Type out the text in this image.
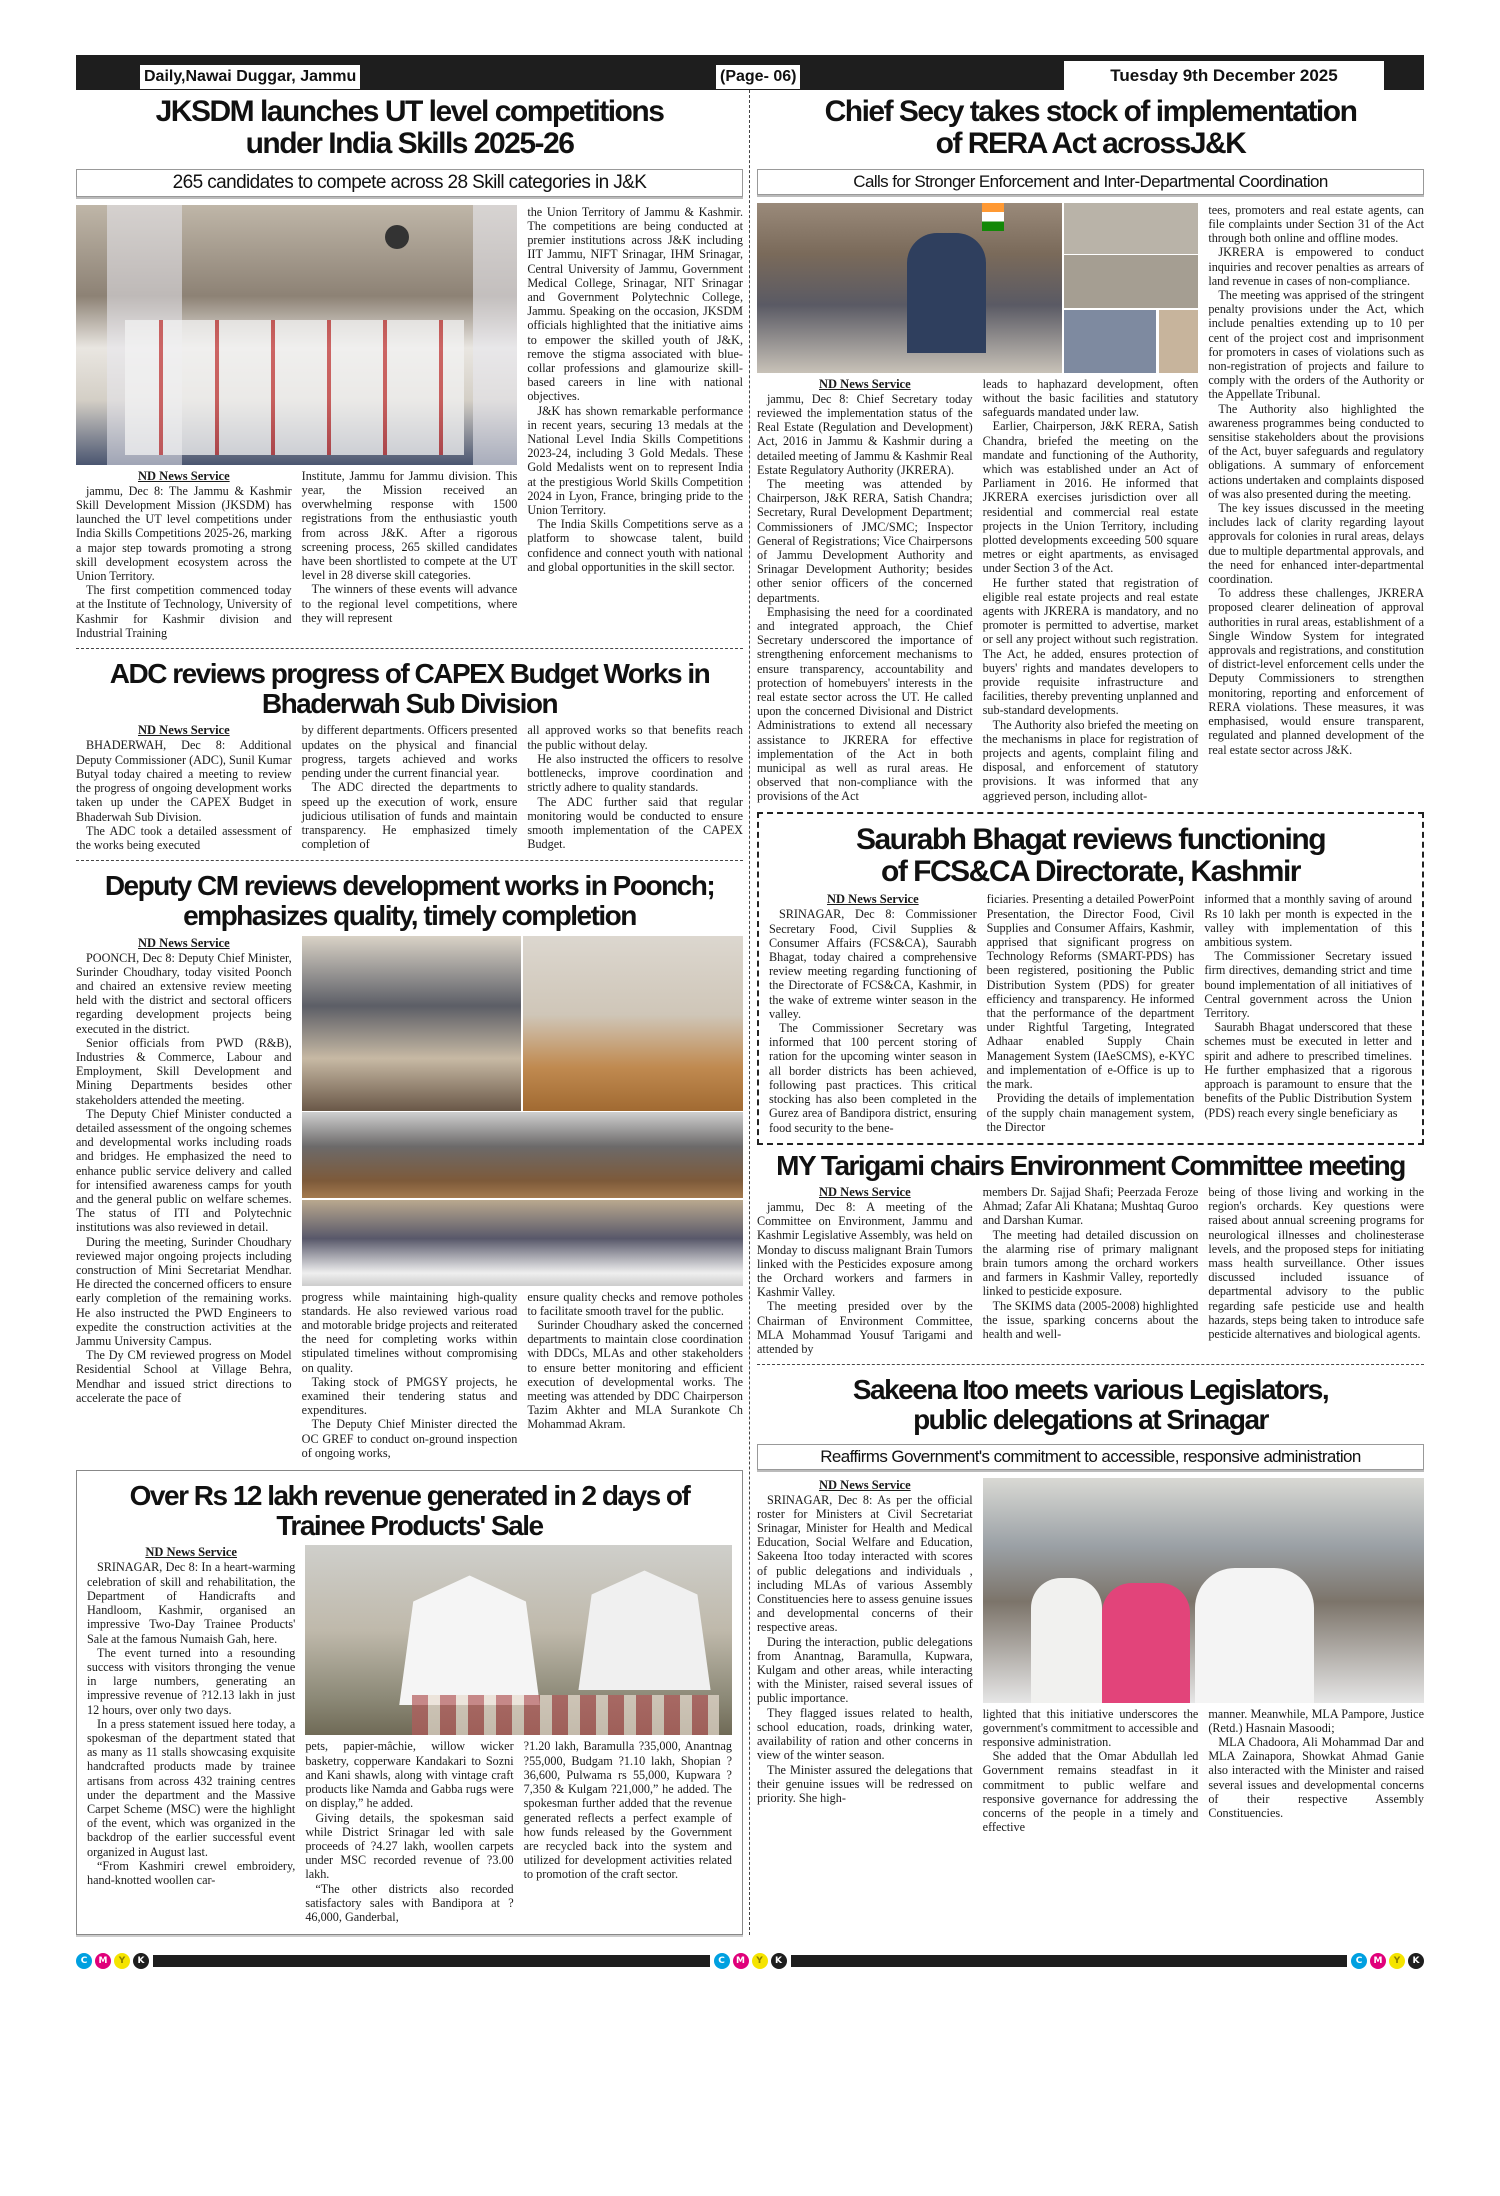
Daily,Nawai Duggar, Jammu	(Page- 06)	Tuesday 9th December 2025
JKSDM launches UT level competitions
under India Skills 2025-26
265 candidates to compete across 28 Skill categories in J&K
ND News Service

jammu, Dec 8: The Jammu & Kashmir Skill Development Mission (JKSDM) has launched the UT level competitions under India Skills Competitions 2025-26, marking a major step towards promoting a strong skill development ecosystem across the Union Territory.

The first competition commenced today at the Institute of Technology, University of Kashmir for Kashmir division and Industrial Training

Institute, Jammu for Jammu division. This year, the Mission received an overwhelming response with 1500 registrations from the enthusiastic youth from across J&K. After a rigorous screening process, 265 skilled candidates have been shortlisted to compete at the UT level in 28 diverse skill categories.

The winners of these events will advance to the regional level competitions, where they will represent

the Union Territory of Jammu & Kashmir. The competitions are being conducted at premier institutions across J&K including IIT Jammu, NIFT Srinagar, IHM Srinagar, Central University of Jammu, Government Medical College, Srinagar, NIT Srinagar and Government Polytechnic College, Jammu. Speaking on the occasion, JKSDM officials highlighted that the initiative aims to empower the skilled youth of J&K, remove the stigma associated with blue-collar professions and glamourize skill-based careers in line with national objectives.

J&K has shown remarkable performance in recent years, securing 13 medals at the National Level India Skills Competitions 2023-24, including 3 Gold Medals. These Gold Medalists went on to represent India at the prestigious World Skills Competition 2024 in Lyon, France, bringing pride to the Union Territory.

The India Skills Competitions serve as a platform to showcase talent, build confidence and connect youth with national and global opportunities in the skill sector.

ADC reviews progress of CAPEX Budget Works in
Bhaderwah Sub Division
ND News Service

BHADERWAH, Dec 8: Additional Deputy Commissioner (ADC), Sunil Kumar Butyal today chaired a meeting to review the progress of ongoing development works taken up under the CAPEX Budget in Bhaderwah Sub Division.

The ADC took a detailed assessment of the works being executed

by different departments. Officers presented updates on the physical and financial progress, targets achieved and works pending under the current financial year.

The ADC directed the departments to speed up the execution of work, ensure judicious utilisation of funds and maintain transparency. He emphasized timely completion of

all approved works so that benefits reach the public without delay.

He also instructed the officers to resolve bottlenecks, improve coordination and strictly adhere to quality standards.

The ADC further said that regular monitoring would be conducted to ensure smooth implementation of the CAPEX Budget.

Deputy CM reviews development works in Poonch;
emphasizes quality, timely completion
ND News Service

POONCH, Dec 8: Deputy Chief Minister, Surinder Choudhary, today visited Poonch and chaired an extensive review meeting held with the district and sectoral officers regarding development projects being executed in the district.

Senior officials from PWD (R&B), Industries & Commerce, Labour and Employment, Skill Development and Mining Departments besides other stakeholders attended the meeting.

The Deputy Chief Minister conducted a detailed assessment of the ongoing schemes and developmental works including roads and bridges. He emphasized the need to enhance public service delivery and called for intensified awareness camps for youth and the general public on welfare schemes. The status of ITI and Polytechnic institutions was also reviewed in detail.

During the meeting, Surinder Choudhary reviewed major ongoing projects including construction of Mini Secretariat Mendhar. He directed the concerned officers to ensure early completion of the remaining works. He also instructed the PWD Engineers to expedite the construction activities at the Jammu University Campus.

The Dy CM reviewed progress on Model Residential School at Village Behra, Mendhar and issued strict directions to accelerate the pace of

progress while maintaining high-quality standards. He also reviewed various road and motorable bridge projects and reiterated the need for completing works within stipulated timelines without compromising on quality.

Taking stock of PMGSY projects, he examined their tendering status and expenditures.

The Deputy Chief Minister directed the OC GREF to conduct on-ground inspection of ongoing works,

ensure quality checks and remove potholes to facilitate smooth travel for the public.

Surinder Choudhary asked the concerned departments to maintain close coordination with DDCs, MLAs and other stakeholders to ensure better monitoring and efficient execution of developmental works. The meeting was attended by DDC Chairperson Tazim Akhter and MLA Surankote Ch Mohammad Akram.

Over Rs 12 lakh revenue generated in 2 days of
Trainee Products' Sale
ND News Service

SRINAGAR, Dec 8: In a heart-warming celebration of skill and rehabilitation, the Department of Handicrafts and Handloom, Kashmir, organised an impressive Two-Day Trainee Products' Sale at the famous Numaish Gah, here.

The event turned into a resounding success with visitors thronging the venue in large numbers, generating an impressive revenue of ?12.13 lakh in just 12 hours, over only two days.

In a press statement issued here today, a spokesman of the department stated that as many as 11 stalls showcasing exquisite handcrafted products made by trainee artisans from across 432 training centres under the department and the Massive Carpet Scheme (MSC) were the highlight of the event, which was organized in the backdrop of the earlier successful event organized in August last.

“From Kashmiri crewel embroidery, hand-knotted woollen car-

pets, papier-mâchie, willow wicker basketry, copperware Kandakari to Sozni and Kani shawls, along with vintage craft products like Namda and Gabba rugs were on display,” he added.

Giving details, the spokesman said while District Srinagar led with sale proceeds of ?4.27 lakh, woollen carpets under MSC recorded revenue of ?3.00 lakh.

“The other districts also recorded satisfactory sales with Bandipora at ?46,000, Ganderbal,

?1.20 lakh, Baramulla ?35,000, Anantnag ?55,000, Budgam ?1.10 lakh, Shopian ?36,600, Pulwama rs 55,000, Kupwara ?7,350 & Kulgam ?21,000,” he added. The spokesman further added that the revenue generated reflects a perfect example of how funds released by the Government are recycled back into the system and utilized for development activities related to promotion of the craft sector.

Chief Secy takes stock of implementation
of RERA Act acrossJ&K
Calls for Stronger Enforcement and Inter-Departmental Coordination
ND News Service

jammu, Dec 8: Chief Secretary today reviewed the implementation status of the Real Estate (Regulation and Development) Act, 2016 in Jammu & Kashmir during a detailed meeting of Jammu & Kashmir Real Estate Regulatory Authority (JKRERA).

The meeting was attended by Chairperson, J&K RERA, Satish Chandra; Secretary, Rural Development Department; Commissioners of JMC/SMC; Inspector General of Registrations; Vice Chairpersons of Jammu Development Authority and Srinagar Development Authority; besides other senior officers of the concerned departments.

Emphasising the need for a coordinated and integrated approach, the Chief Secretary underscored the importance of strengthening enforcement mechanisms to ensure transparency, accountability and protection of homebuyers' interests in the real estate sector across the UT. He called upon the concerned Divisional and District Administrations to extend all necessary assistance to JKRERA for effective implementation of the Act in both municipal as well as rural areas. He observed that non-compliance with the provisions of the Act

leads to haphazard development, often without the basic facilities and statutory safeguards mandated under law.

Earlier, Chairperson, J&K RERA, Satish Chandra, briefed the meeting on the mandate and functioning of the Authority, which was established under an Act of Parliament in 2016. He informed that JKRERA exercises jurisdiction over all residential and commercial real estate projects in the Union Territory, including plotted developments exceeding 500 square metres or eight apartments, as envisaged under Section 3 of the Act.

He further stated that registration of eligible real estate projects and real estate agents with JKRERA is mandatory, and no promoter is permitted to advertise, market or sell any project without such registration. The Act, he added, ensures protection of buyers' rights and mandates developers to provide requisite infrastructure and facilities, thereby preventing unplanned and sub-standard developments.

The Authority also briefed the meeting on the mechanisms in place for registration of projects and agents, complaint filing and disposal, and enforcement of statutory provisions. It was informed that any aggrieved person, including allot-

tees, promoters and real estate agents, can file complaints under Section 31 of the Act through both online and offline modes.

JKRERA is empowered to conduct inquiries and recover penalties as arrears of land revenue in cases of non-compliance.

The meeting was apprised of the stringent penalty provisions under the Act, which include penalties extending up to 10 per cent of the project cost and imprisonment for promoters in cases of violations such as non-registration of projects and failure to comply with the orders of the Authority or the Appellate Tribunal.

The Authority also highlighted the awareness programmes being conducted to sensitise stakeholders about the provisions of the Act, buyer safeguards and regulatory obligations. A summary of enforcement actions undertaken and complaints disposed of was also presented during the meeting.

The key issues discussed in the meeting includes lack of clarity regarding layout approvals for colonies in rural areas, delays due to multiple departmental approvals, and the need for enhanced inter-departmental coordination.

To address these challenges, JKRERA proposed clearer delineation of approval authorities in rural areas, establishment of a Single Window System for integrated approvals and registrations, and constitution of district-level enforcement cells under the Deputy Commissioners to strengthen monitoring, reporting and enforcement of RERA violations. These measures, it was emphasised, would ensure transparent, regulated and planned development of the real estate sector across J&K.

Saurabh Bhagat reviews functioning
of FCS&CA Directorate, Kashmir
ND News Service

SRINAGAR, Dec 8: Commissioner Secretary Food, Civil Supplies & Consumer Affairs (FCS&CA), Saurabh Bhagat, today chaired a comprehensive review meeting regarding functioning of the Directorate of FCS&CA, Kashmir, in the wake of extreme winter season in the valley.

The Commissioner Secretary was informed that 100 percent storing of ration for the upcoming winter season in all border districts has been achieved, following past practices. This critical stocking has also been completed in the Gurez area of Bandipora district, ensuring food security to the bene-

ficiaries. Presenting a detailed PowerPoint Presentation, the Director Food, Civil Supplies and Consumer Affairs, Kashmir, apprised that significant progress on Technology Reforms (SMART-PDS) has been registered, positioning the Public Distribution System (PDS) for greater efficiency and transparency. He informed that the performance of the department under Rightful Targeting, Integrated Adhaar enabled Supply Chain Management System (IAeSCMS), e-KYC and implementation of e-Office is up to the mark.

Providing the details of implementation of the supply chain management system, the Director

informed that a monthly saving of around Rs 10 lakh per month is expected in the valley with implementation of this ambitious system.

The Commissioner Secretary issued firm directives, demanding strict and time bound implementation of all initiatives of Central government across the Union Territory.

Saurabh Bhagat underscored that these schemes must be executed in letter and spirit and adhere to prescribed timelines. He further emphasized that a rigorous approach is paramount to ensure that the benefits of the Public Distribution System (PDS) reach every single beneficiary as

MY Tarigami chairs Environment Committee meeting
ND News Service

jammu, Dec 8: A meeting of the Committee on Environment, Jammu and Kashmir Legislative Assembly, was held on Monday to discuss malignant Brain Tumors linked with the Pesticides exposure among the Orchard workers and farmers in Kashmir Valley.

The meeting presided over by the Chairman of Environment Committee, MLA Mohammad Yousuf Tarigami and attended by

members Dr. Sajjad Shafi; Peerzada Feroze Ahmad; Zafar Ali Khatana; Mushtaq Guroo and Darshan Kumar.

The meeting had detailed discussion on the alarming rise of primary malignant brain tumors among the orchard workers and farmers in Kashmir Valley, reportedly linked to pesticide exposure.

The SKIMS data (2005-2008) highlighted the issue, sparking concerns about the health and well-

being of those living and working in the region's orchards. Key questions were raised about annual screening programs for neurological illnesses and cholinesterase levels, and the proposed steps for initiating mass health surveillance. Other issues discussed included issuance of departmental advisory to the public regarding safe pesticide use and health hazards, steps being taken to introduce safe pesticide alternatives and biological agents.

Sakeena Itoo meets various Legislators,
public delegations at Srinagar
Reaffirms Government's commitment to accessible, responsive administration
ND News Service

SRINAGAR, Dec 8: As per the official roster for Ministers at Civil Secretariat Srinagar, Minister for Health and Medical Education, Social Welfare and Education, Sakeena Itoo today interacted with scores of public delegations and individuals , including MLAs of various Assembly Constituencies here to assess genuine issues and developmental concerns of their respective areas.

During the interaction, public delegations from Anantnag, Baramulla, Kupwara, Kulgam and other areas, while interacting with the Minister, raised several issues of public importance.

They flagged issues related to health, school education, roads, drinking water, availability of ration and other concerns in view of the winter season.

The Minister assured the delegations that their genuine issues will be redressed on priority. She high-

lighted that this initiative underscores the government's commitment to accessible and responsive administration.

She added that the Omar Abdullah led Government remains steadfast in it commitment to public welfare and responsive governance for addressing the concerns of the people in a timely and effective

manner. Meanwhile, MLA Pampore, Justice (Retd.) Hasnain Masoodi;

MLA Chadoora, Ali Mohammad Dar and MLA Zainapora, Showkat Ahmad Ganie also interacted with the Minister and raised several issues and developmental concerns of their respective Assembly Constituencies.

C	M	Y	K	C	M	Y	K	C	M	Y	K
